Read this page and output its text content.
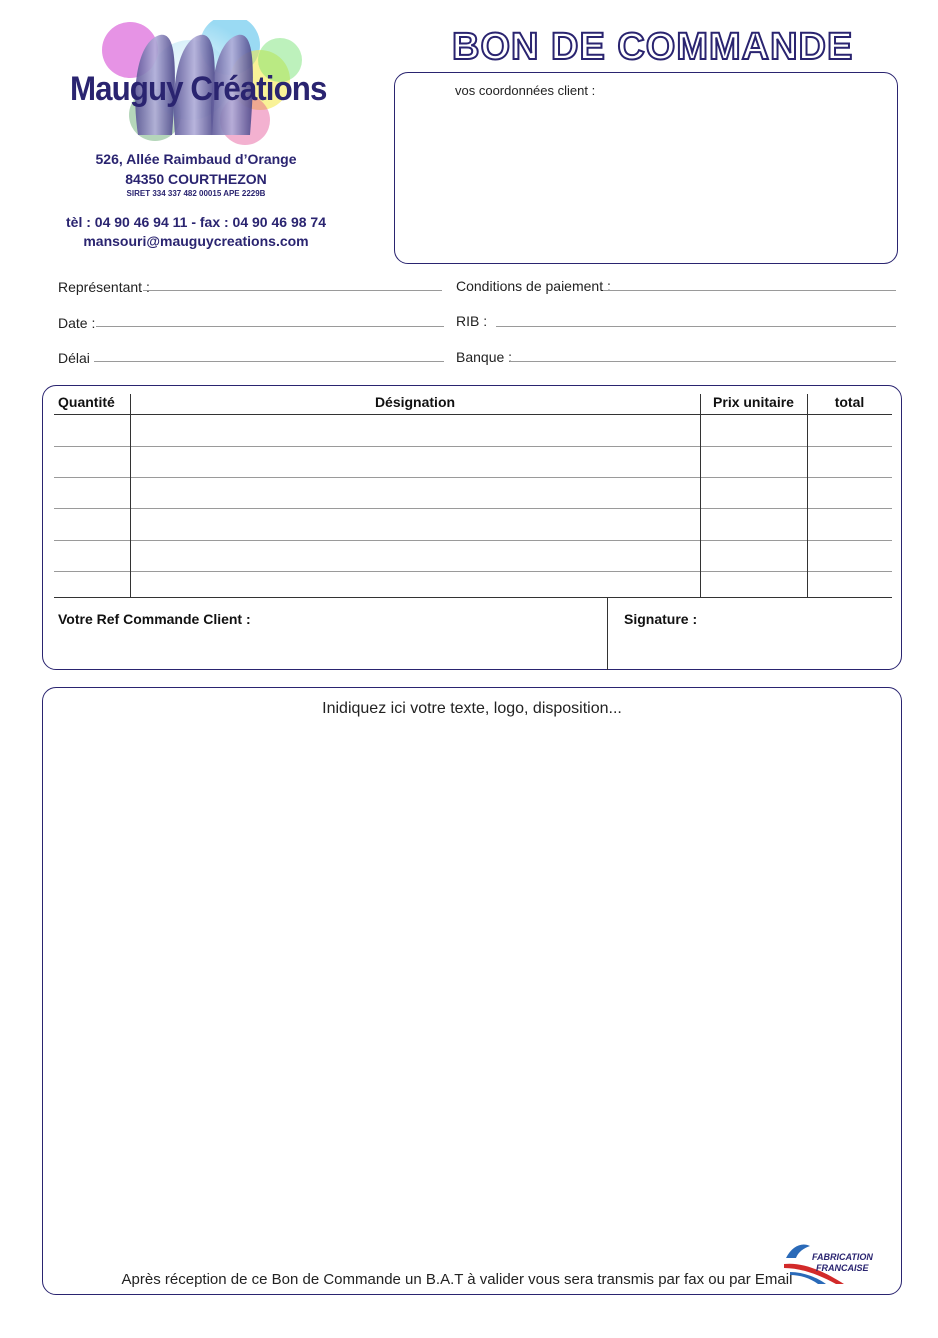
Mauguy Créations
526, Allée Raimbaud d’Orange
84350 COURTHEZON
SIRET 334 337 482 00015 APE 2229B
tèl : 04 90 46 94 11 - fax : 04 90 46 98 74
mansouri@mauguycreations.com
BON DE COMMANDE
vos coordonnées client :
Représentant :
Date :
Délai
Conditions de paiement :
RIB :
Banque :
Quantité	Désignation	Prix unitaire	total
Votre Ref Commande Client :	Signature :
Inidiquez ici votre texte, logo, disposition...
Après réception de ce Bon de Commande un B.A.T à valider vous sera transmis par fax ou par Email
FABRICATION
FRANCAISE
